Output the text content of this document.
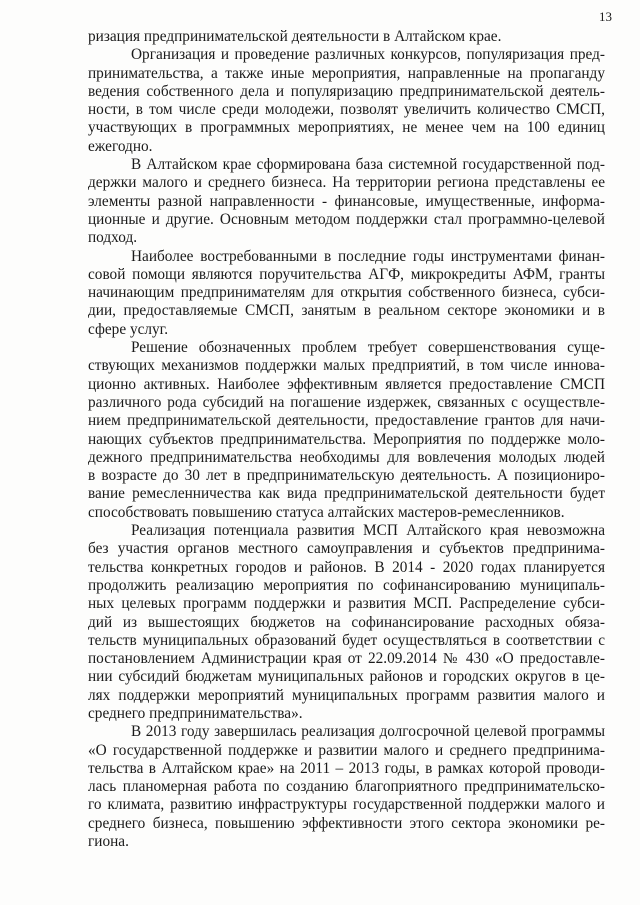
13
ризация предпринимательской деятельности в Алтайском крае.
Организация и проведение различных конкурсов, популяризация пред-
принимательства, а также иные мероприятия, направленные на пропаганду
ведения собственного дела и популяризацию предпринимательской деятель-
ности, в том числе среди молодежи, позволят увеличить количество СМСП,
участвующих в программных мероприятиях, не менее чем на 100 единиц
ежегодно.
В Алтайском крае сформирована база системной государственной под-
держки малого и среднего бизнеса. На территории региона представлены ее
элементы разной направленности - финансовые, имущественные, информа-
ционные и другие. Основным методом поддержки стал программно-целевой
подход.
Наиболее востребованными в последние годы инструментами финан-
совой помощи являются поручительства АГФ, микрокредиты АФМ, гранты
начинающим предпринимателям для открытия собственного бизнеса, субси-
дии, предоставляемые СМСП, занятым в реальном секторе экономики и в
сфере услуг.
Решение обозначенных проблем требует совершенствования суще-
ствующих механизмов поддержки малых предприятий, в том числе иннова-
ционно активных. Наиболее эффективным является предоставление СМСП
различного рода субсидий на погашение издержек, связанных с осуществле-
нием предпринимательской деятельности, предоставление грантов для начи-
нающих субъектов предпринимательства. Мероприятия по поддержке моло-
дежного предпринимательства необходимы для вовлечения молодых людей
в возрасте до 30 лет в предпринимательскую деятельность. А позициониро-
вание ремесленничества как вида предпринимательской деятельности будет
способствовать повышению статуса алтайских мастеров-ремесленников.
Реализация потенциала развития МСП Алтайского края невозможна
без участия органов местного самоуправления и субъектов предпринима-
тельства конкретных городов и районов. В 2014 - 2020 годах планируется
продолжить реализацию мероприятия по софинансированию муниципаль-
ных целевых программ поддержки и развития МСП. Распределение субси-
дий из вышестоящих бюджетов на софинансирование расходных обяза-
тельств муниципальных образований будет осуществляться в соответствии с
постановлением Администрации края от 22.09.2014 № 430 «О предоставле-
нии субсидий бюджетам муниципальных районов и городских округов в це-
лях поддержки мероприятий муниципальных программ развития малого и
среднего предпринимательства».
В 2013 году завершилась реализация долгосрочной целевой программы
«О государственной поддержке и развитии малого и среднего предпринима-
тельства в Алтайском крае» на 2011 – 2013 годы, в рамках которой проводи-
лась планомерная работа по созданию благоприятного предпринимательско-
го климата, развитию инфраструктуры государственной поддержки малого и
среднего бизнеса, повышению эффективности этого сектора экономики ре-
гиона.
